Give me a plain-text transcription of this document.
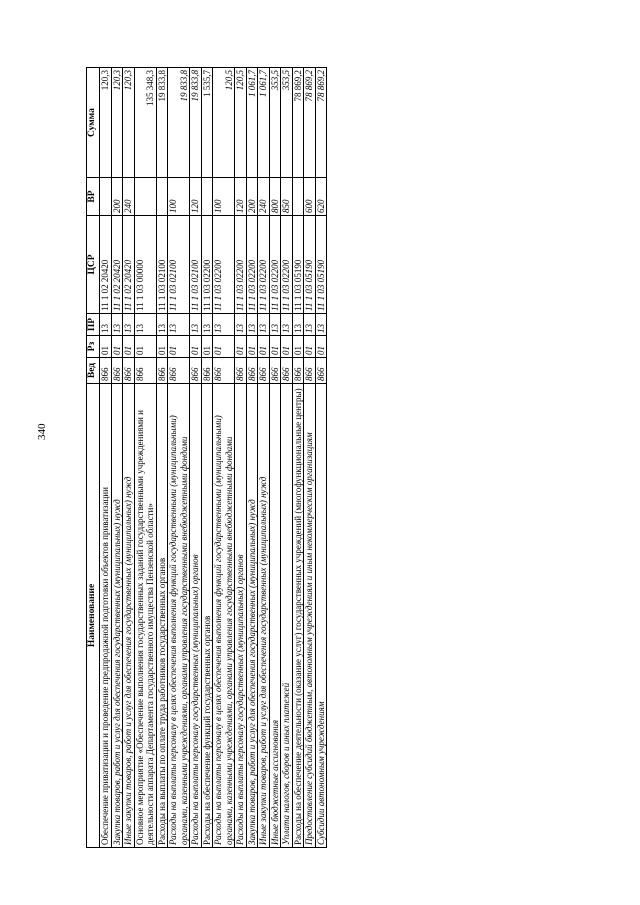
340
Наименование	Вед	Рз	ПР	ЦСР	ВР	Сумма
Обеспечение приватизации и проведение предпродажной подготовки объектов приватизации	866	01	13	11 1 02 20420		120,3
Закупка товаров, работ и услуг для обеспечения государственных (муниципальных) нужд	866	01	13	11 1 02 20420	200	120,3
Иные закупки товаров, работ и услуг для обеспечения государственных (муниципальных) нужд	866	01	13	11 1 02 20420	240	120,3
Основное мероприятие «Обеспечение выполнения государственных заданий государственными учреждениями и деятельности аппарата Департамента государственного имущества Пензенской области»	866	01	13	11 1 03 00000		135 348,3
Расходы на выплаты по оплате труда работников государственных органов	866	01	13	11 1 03 02100		19 833,8
Расходы на выплаты персоналу в целях обеспечения выполнения функций государственными (муниципальными) органами, казенными учреждениями, органами управления государственными внебюджетными фондами	866	01	13	11 1 03 02100	100	19 833,8
Расходы на выплаты персоналу государственных (муниципальных) органов	866	01	13	11 1 03 02100	120	19 833,8
Расходы на обеспечение функций государственных органов	866	01	13	11 1 03 02200		1 535,7
Расходы на выплаты персоналу в целях обеспечения выполнения функций государственными (муниципальными) органами, казенными учреждениями, органами управления государственными внебюджетными фондами	866	01	13	11 1 03 02200	100	120,5
Расходы на выплаты персоналу государственных (муниципальных) органов	866	01	13	11 1 03 02200	120	120,5
Закупка товаров, работ и услуг для обеспечения государственных (муниципальных) нужд	866	01	13	11 1 03 02200	200	1 061,7
Иные закупки товаров, работ и услуг для обеспечения государственных (муниципальных) нужд	866	01	13	11 1 03 02200	240	1 061,7
Иные бюджетные ассигнования	866	01	13	11 1 03 02200	800	353,5
Уплата налогов, сборов и иных платежей	866	01	13	11 1 03 02200	850	353,5
Расходы на обеспечение деятельности (оказание услуг) государственных учреждений (многофункциональные центры)	866	01	13	11 1 03 05190		78 869,2
Предоставление субсидий бюджетным, автономным учреждениям и иным некоммерческим организациям	866	01	13	11 1 03 05190	600	78 869,2
Субсидии автономным учреждениям	866	01	13	11 1 03 05190	620	78 869,2
